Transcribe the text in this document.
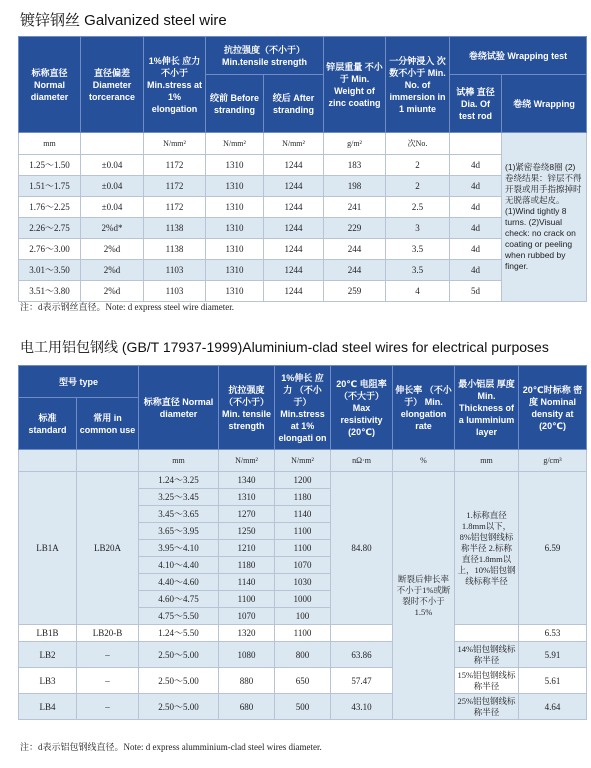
镀锌钢丝 Galvanized steel wire
标称直径 Normal diameter	直径偏差 Diameter torcerance	1%伸长 应力 不小于 Min.stress at 1% elongation	抗拉强度（不小于） Min.tensile strength		锌层重量 不小于 Min. Weight of zinc coating	一分钟浸入 次数不小于 Min. No. of immersion in 1 miunte	卷绕试验 Wrapping test	
			绞前 Before stranding	绞后 After stranding			试棒 直径 Dia. Of test rod	卷绕 Wrapping
mm		N/mm²	N/mm²	N/mm²	g/m²	次No.		(1)紧密卷绕8圈 (2)卷绕结果：锌层不得开裂或用手指擦掉时无脱落或起皮。 (1)Wind tightly 8 turns. (2)Visual check: no crack on coating or peeling when rubbed by finger.
1.25～1.50	±0.04	1172	1310	1244	183	2	4d	
1.51～1.75	±0.04	1172	1310	1244	198	2	4d	
1.76～2.25	±0.04	1172	1310	1244	241	2.5	4d	
2.26～2.75	2%d*	1138	1310	1244	229	3	4d	
2.76～3.00	2%d	1138	1310	1244	244	3.5	4d	
3.01～3.50	2%d	1103	1310	1244	244	3.5	4d	
3.51～3.80	2%d	1103	1310	1244	259	4	5d	
注：d表示钢丝直径。Note: d express steel wire diameter.
电工用铝包钢线 (GB/T 17937-1999)Aluminium-clad steel wires for electrical purposes
型号 type		标称直径 Normal diameter	抗拉强度 （不小于） Min. tensile strength	1%伸长 应力 （不小于） Min.stress at 1% elongati on	20℃ 电阻率 （不大于） Max resistivity (20℃)	伸长率 （不小于） Min. elongation rate	最小铝层 厚度 Min. Thickness of a lumminium layer	20℃时标称 密度 Nominal density at (20℃)
标准 standard	常用 in common use							
		mm	N/mm²	N/mm²	nΩ·m	%	mm	g/cm³
LB1A	LB20A	1.24～3.25	1340	1200	84.80	断裂后伸长率不小于1%或断裂时不小于1.5%	1.标称直径1.8mm以下，8%铝包钢线标称半径 2.标称直径1.8mm以上，10%铝包钢线标称半径	6.59
		3.25～3.45	1310	1180				
		3.45～3.65	1270	1140				
		3.65～3.95	1250	1100				
		3.95～4.10	1210	1100				
		4.10～4.40	1180	1070				
		4.40～4.60	1140	1030				
		4.60～4.75	1100	1000				
		4.75～5.50	1070	100				
LB1B	LB20-B	1.24～5.50	1320	1100				6.53
LB2	–	2.50～5.00	1080	800	63.86		14%铝包钢线标称半径	5.91
LB3	–	2.50～5.00	880	650	57.47		15%铝包钢线标称半径	5.61
LB4	–	2.50～5.00	680	500	43.10		25%铝包钢线标称半径	4.64
注：d表示铝包钢线直径。Note: d express alumminium-clad steel wires diameter.
